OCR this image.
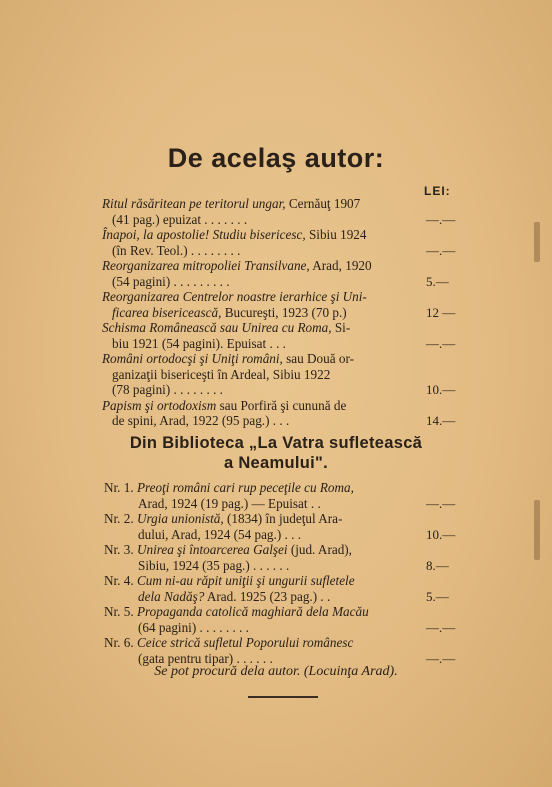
De acelaş autor:
LEI:
Ritul răsăritean pe teritorul ungar, Cernăuţ 1907
(41 pag.) epuizat . . . . . . .	—.—
Înapoi, la apostolie! Studiu bisericesc, Sibiu 1924
(în Rev. Teol.) . . . . . . . .	—.—
Reorganizarea mitropoliei Transilvane, Arad, 1920
(54 pagini) . . . . . . . . .	5.—
Reorganizarea Centrelor noastre ierarhice şi Uni-
ficarea bisericească, Bucureşti, 1923 (70 p.)	12 —
Schisma Românească sau Unirea cu Roma, Si-
biu 1921 (54 pagini). Epuisat . . .	—.—
Români ortodocşi şi Uniţi români, sau Două or-
ganizaţii bisericeşti în Ardeal, Sibiu 1922
(78 pagini) . . . . . . . .	10.—
Papism şi ortodoxism sau Porfiră şi cunună de
de spini, Arad, 1922 (95 pag.) . . .	14.—
Din Biblioteca „La Vatra sufletească
a Neamului".
Nr. 1. Preoţi români cari rup peceţile cu Roma,
Arad, 1924 (19 pag.) — Epuisat . .	—.—
Nr. 2. Urgia unionistă, (1834) în judeţul Ara-
dului, Arad, 1924 (54 pag.) . . .	10.—
Nr. 3. Unirea şi întoarcerea Galşei (jud. Arad),
Sibiu, 1924 (35 pag.) . . . . . .	8.—
Nr. 4. Cum ni-au răpit uniţii şi ungurii sufletele
dela Nadăş? Arad. 1925 (23 pag.) . .	5.—
Nr. 5. Propaganda catolică maghiară dela Macău
(64 pagini) . . . . . . . .	—.—
Nr. 6. Ceice strică sufletul Poporului românesc
(gata pentru tipar) . . . . . .	—.—
Se pot procură dela autor. (Locuinţa Arad).
